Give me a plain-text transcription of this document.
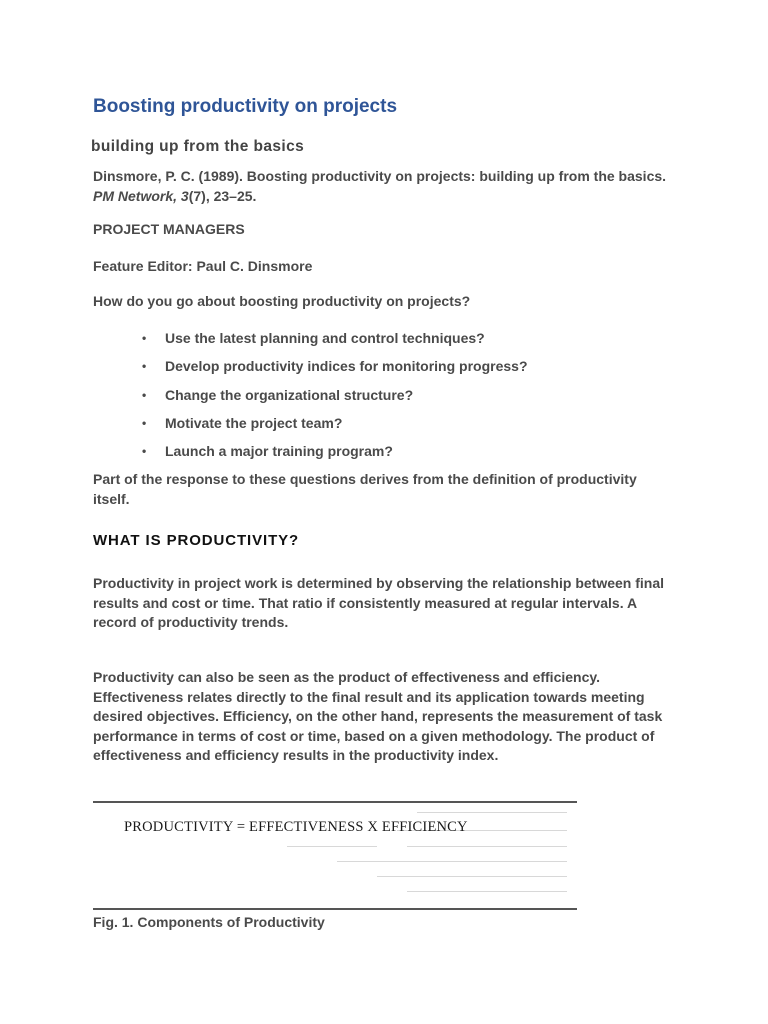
Boosting productivity on projects
building up from the basics

Dinsmore, P. C. (1989). Boosting productivity on projects: building up from the basics. PM Network, 3(7), 23–25.

PROJECT MANAGERS

Feature Editor: Paul C. Dinsmore

How do you go about boosting productivity on projects?

• Use the latest planning and control techniques?
• Develop productivity indices for monitoring progress?
• Change the organizational structure?
• Motivate the project team?
• Launch a major training program?

Part of the response to these questions derives from the definition of productivity itself.

WHAT IS PRODUCTIVITY?

Productivity in project work is determined by observing the relationship between final results and cost or time. That ratio if consistently measured at regular intervals. A record of productivity trends.

Productivity can also be seen as the product of effectiveness and efficiency. Effectiveness relates directly to the final result and its application towards meeting desired objectives. Efficiency, on the other hand, represents the measurement of task performance in terms of cost or time, based on a given methodology. The product of effectiveness and efficiency results in the productivity index.

PRODUCTIVITY = EFFECTIVENESS X EFFICIENCY

Fig. 1. Components of Productivity
